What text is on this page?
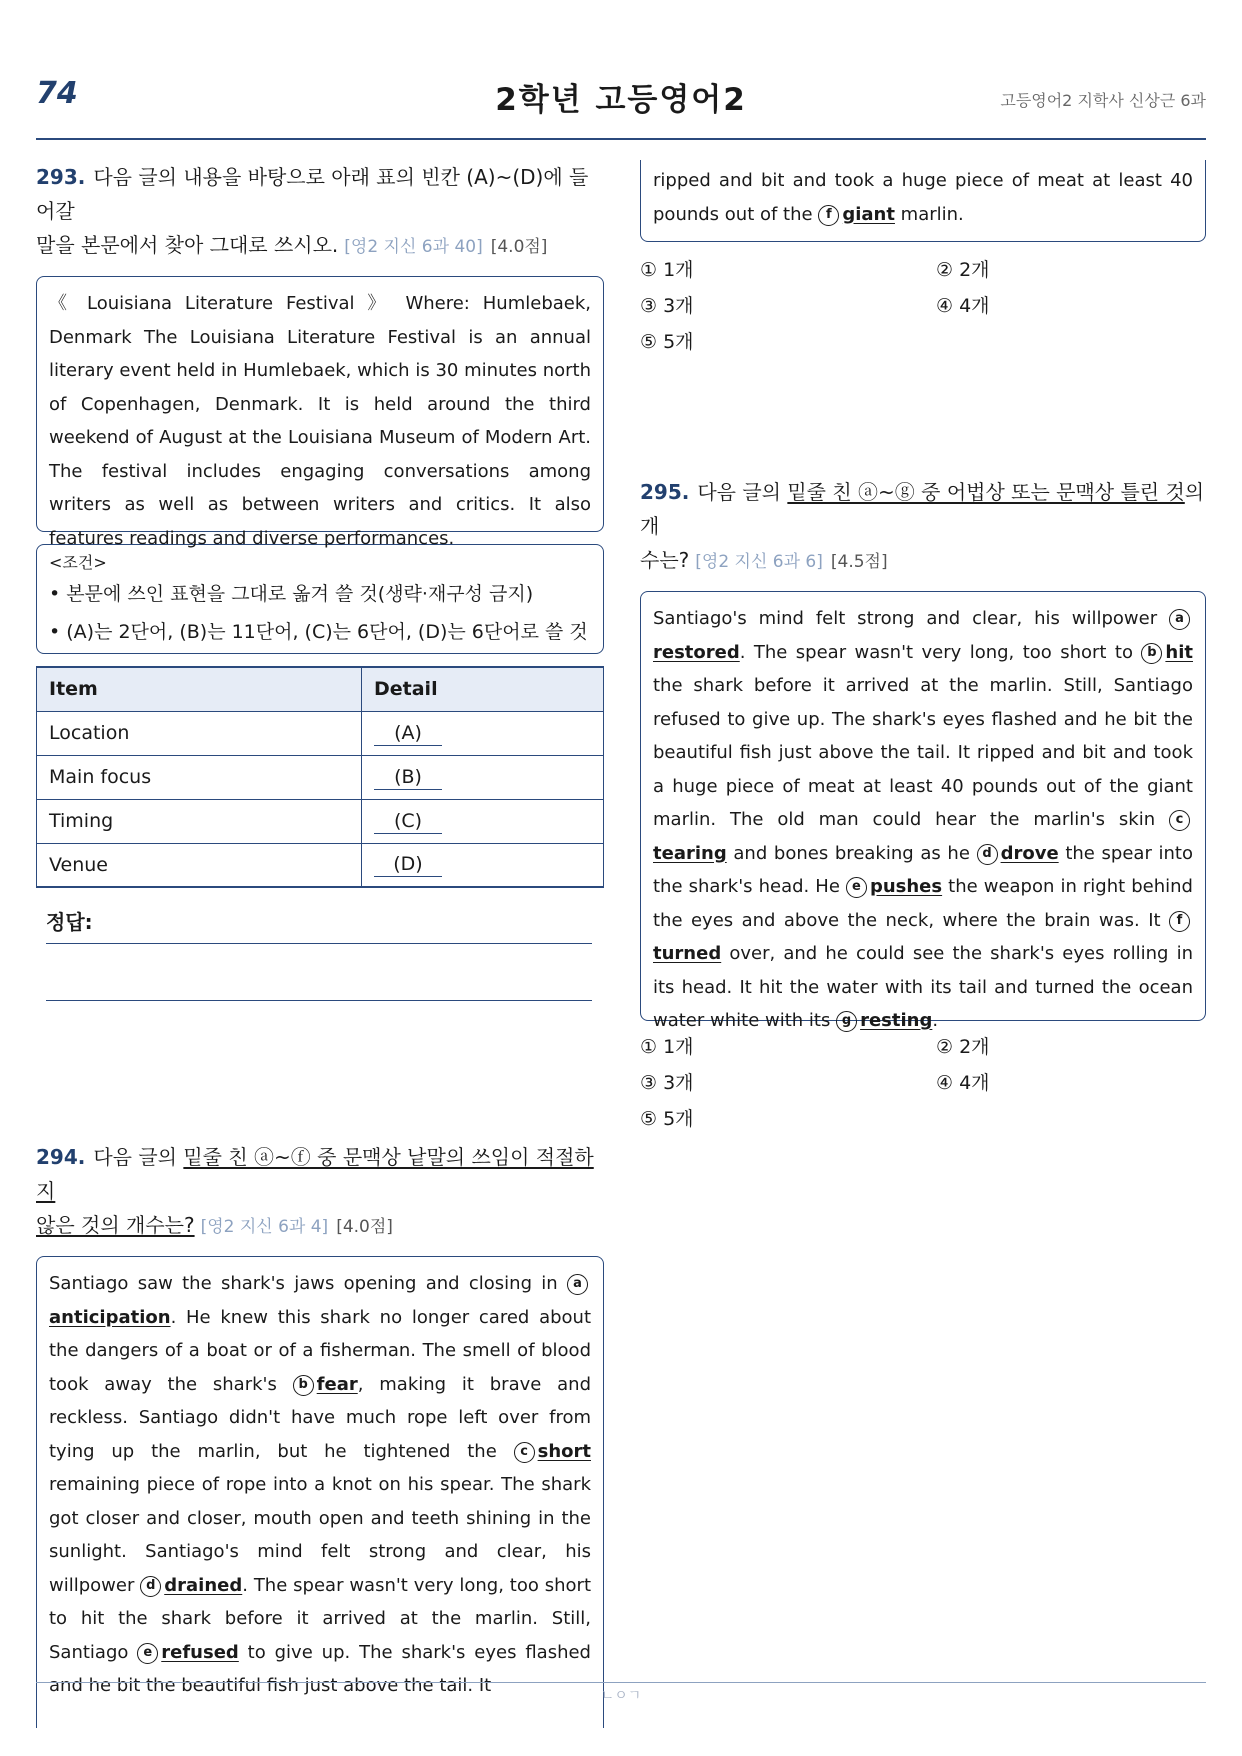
74	2학년 고등영어2	고등영어2 지학사 신상근 6과
293. 다음 글의 내용을 바탕으로 아래 표의 빈칸 (A)~(D)에 들어갈
말을 본문에서 찾아 그대로 쓰시오. [영2 지신 6과 40] [4.0점]
《 Louisiana Literature Festival 》 Where: Humlebaek, Denmark The Louisiana Literature Festival is an annual literary event held in Humlebaek, which is 30 minutes north of Copenhagen, Denmark. It is held around the third weekend of August at the Louisiana Museum of Modern Art. The festival includes engaging conversations among writers as well as between writers and critics. It also features readings and diverse performances.
<조건>
• 본문에 쓰인 표현을 그대로 옮겨 쓸 것(생략·재구성 금지)
• (A)는 2단어, (B)는 11단어, (C)는 6단어, (D)는 6단어로 쓸 것
Item	Detail
Location	(A)
Main focus	(B)
Timing	(C)
Venue	(D)
정답:
294. 다음 글의 밑줄 친 ⓐ~ⓕ 중 문맥상 낱말의 쓰임이 적절하지
않은 것의 개수는? [영2 지신 6과 4] [4.0점]
Santiago saw the shark's jaws opening and closing in aanticipation. He knew this shark no longer cared about the dangers of a boat or of a fisherman. The smell of blood took away the shark's b fear, making it brave and reckless. Santiago didn't have much rope left over from tying up the marlin, but he tightened the c short remaining piece of rope into a knot on his spear. The shark got closer and closer, mouth open and teeth shining in the sunlight. Santiago's mind felt strong and clear, his willpower d drained. The spear wasn't very long, too short to hit the shark before it arrived at the marlin. Still, Santiago e refused to give up. The shark's eyes flashed and he bit the beautiful fish just above the tail. It
ripped and bit and took a huge piece of meat at least 40 pounds out of the f giant marlin.
① 1개	② 2개
③ 3개	④ 4개
⑤ 5개
295. 다음 글의 밑줄 친 ⓐ~ⓖ 중 어법상 또는 문맥상 틀린 것의 개
수는? [영2 지신 6과 6] [4.5점]
Santiago's mind felt strong and clear, his willpower arestored. The spear wasn't very long, too short to b hit the shark before it arrived at the marlin. Still, Santiago refused to give up. The shark's eyes flashed and he bit the beautiful fish just above the tail. It ripped and bit and took a huge piece of meat at least 40 pounds out of the giant marlin. The old man could hear the marlin's skin ctearing and bones breaking as he d drove the spear into the shark's head. He e pushes the weapon in right behind the eyes and above the neck, where the brain was. It fturned over, and he could see the shark's eyes rolling in its head. It hit the water with its tail and turned the ocean water white with its g resting.
① 1개	② 2개
③ 3개	④ 4개
⑤ 5개
ㄴㅇㄱ
